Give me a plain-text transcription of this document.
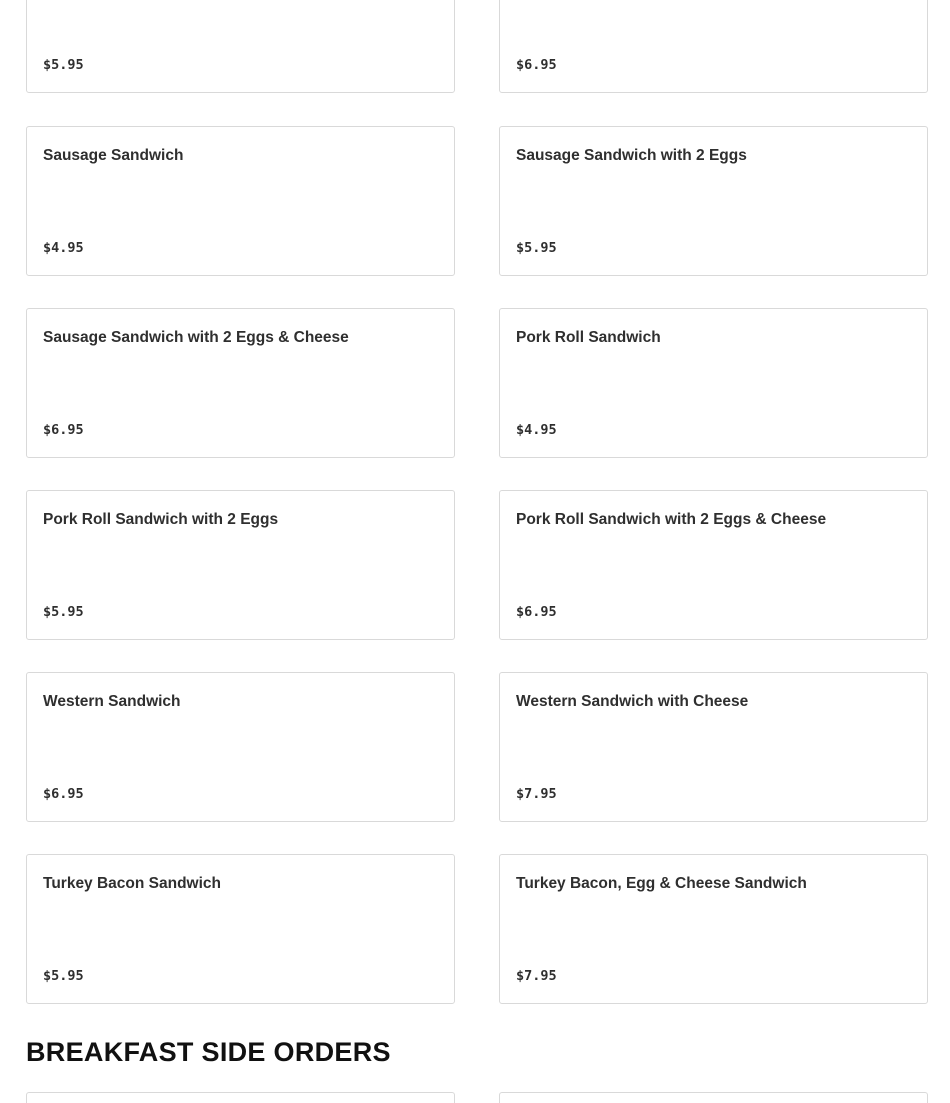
$5.95	$6.95
Sausage Sandwich
$4.95
Sausage Sandwich with 2 Eggs
$5.95
Sausage Sandwich with 2 Eggs & Cheese
$6.95
Pork Roll Sandwich
$4.95
Pork Roll Sandwich with 2 Eggs
$5.95
Pork Roll Sandwich with 2 Eggs & Cheese
$6.95
Western Sandwich
$6.95
Western Sandwich with Cheese
$7.95
Turkey Bacon Sandwich
$5.95
Turkey Bacon, Egg & Cheese Sandwich
$7.95
BREAKFAST SIDE ORDERS
